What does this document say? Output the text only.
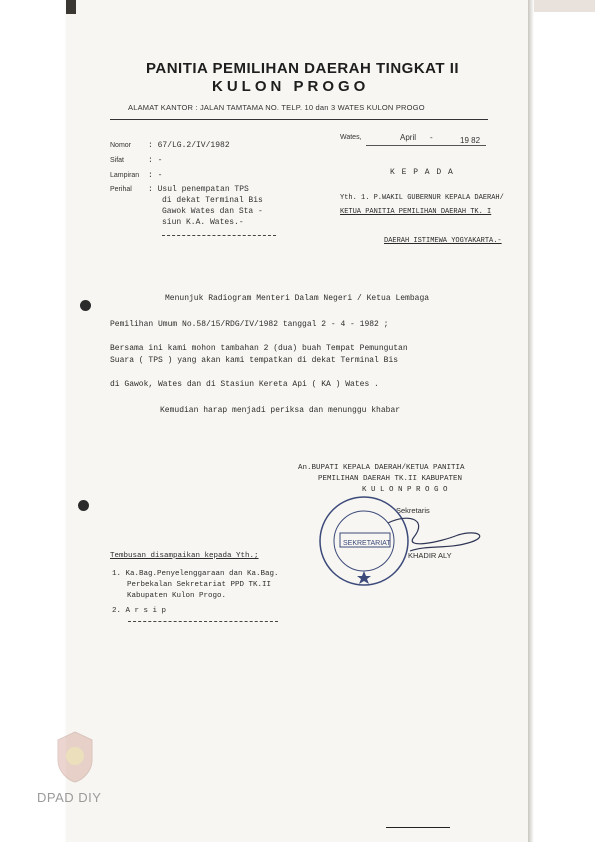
PANITIA PEMILIHAN DAERAH TINGKAT II
KULON PROGO
ALAMAT KANTOR : JALAN TAMTAMA NO. TELP. 10 dan 3 WATES KULON PROGO
Nomor : 67/LG.2/IV/1982
Sifat	: -
Lampiran : -
Perihal : Usul penempatan TPS
di dekat Terminal Bis
Gawok Wates dan Sta -
siun K.A. Wates.-
Wates,	April -	19 82
K E P A D A
Yth. 1. P.WAKIL GUBERNUR KEPALA DAERAH/
KETUA PANITIA PEMILIHAN DAERAH TK. I
DAERAH ISTIMEWA YOGYAKARTA.-
Menunjuk Radiogram Menteri Dalam Negeri / Ketua Lembaga
Pemilihan Umum No.58/15/RDG/IV/1982 tanggal 2 - 4 - 1982 ;
Bersama ini kami mohon tambahan 2 (dua) buah Tempat Pemungutan
Suara ( TPS ) yang akan kami tempatkan di dekat Terminal Bis
di Gawok, Wates dan di Stasiun Kereta Api ( KA ) Wates .
Kemudian harap menjadi periksa dan menunggu khabar
An.BUPATI KEPALA DAERAH/KETUA PANITIA
PEMILIHAN DAERAH TK.II KABUPATEN
K U L O N P R O G O
Sekretaris
SEKRETARIAT
KHADIR ALY
Tembusan disampaikan kepada Yth.;
1. Ka.Bag.Penyelenggaraan dan Ka.Bag.
Perbekalan Sekretariat PPD TK.II
Kabupaten Kulon Progo.
2. A r s i p
DPAD DIY
